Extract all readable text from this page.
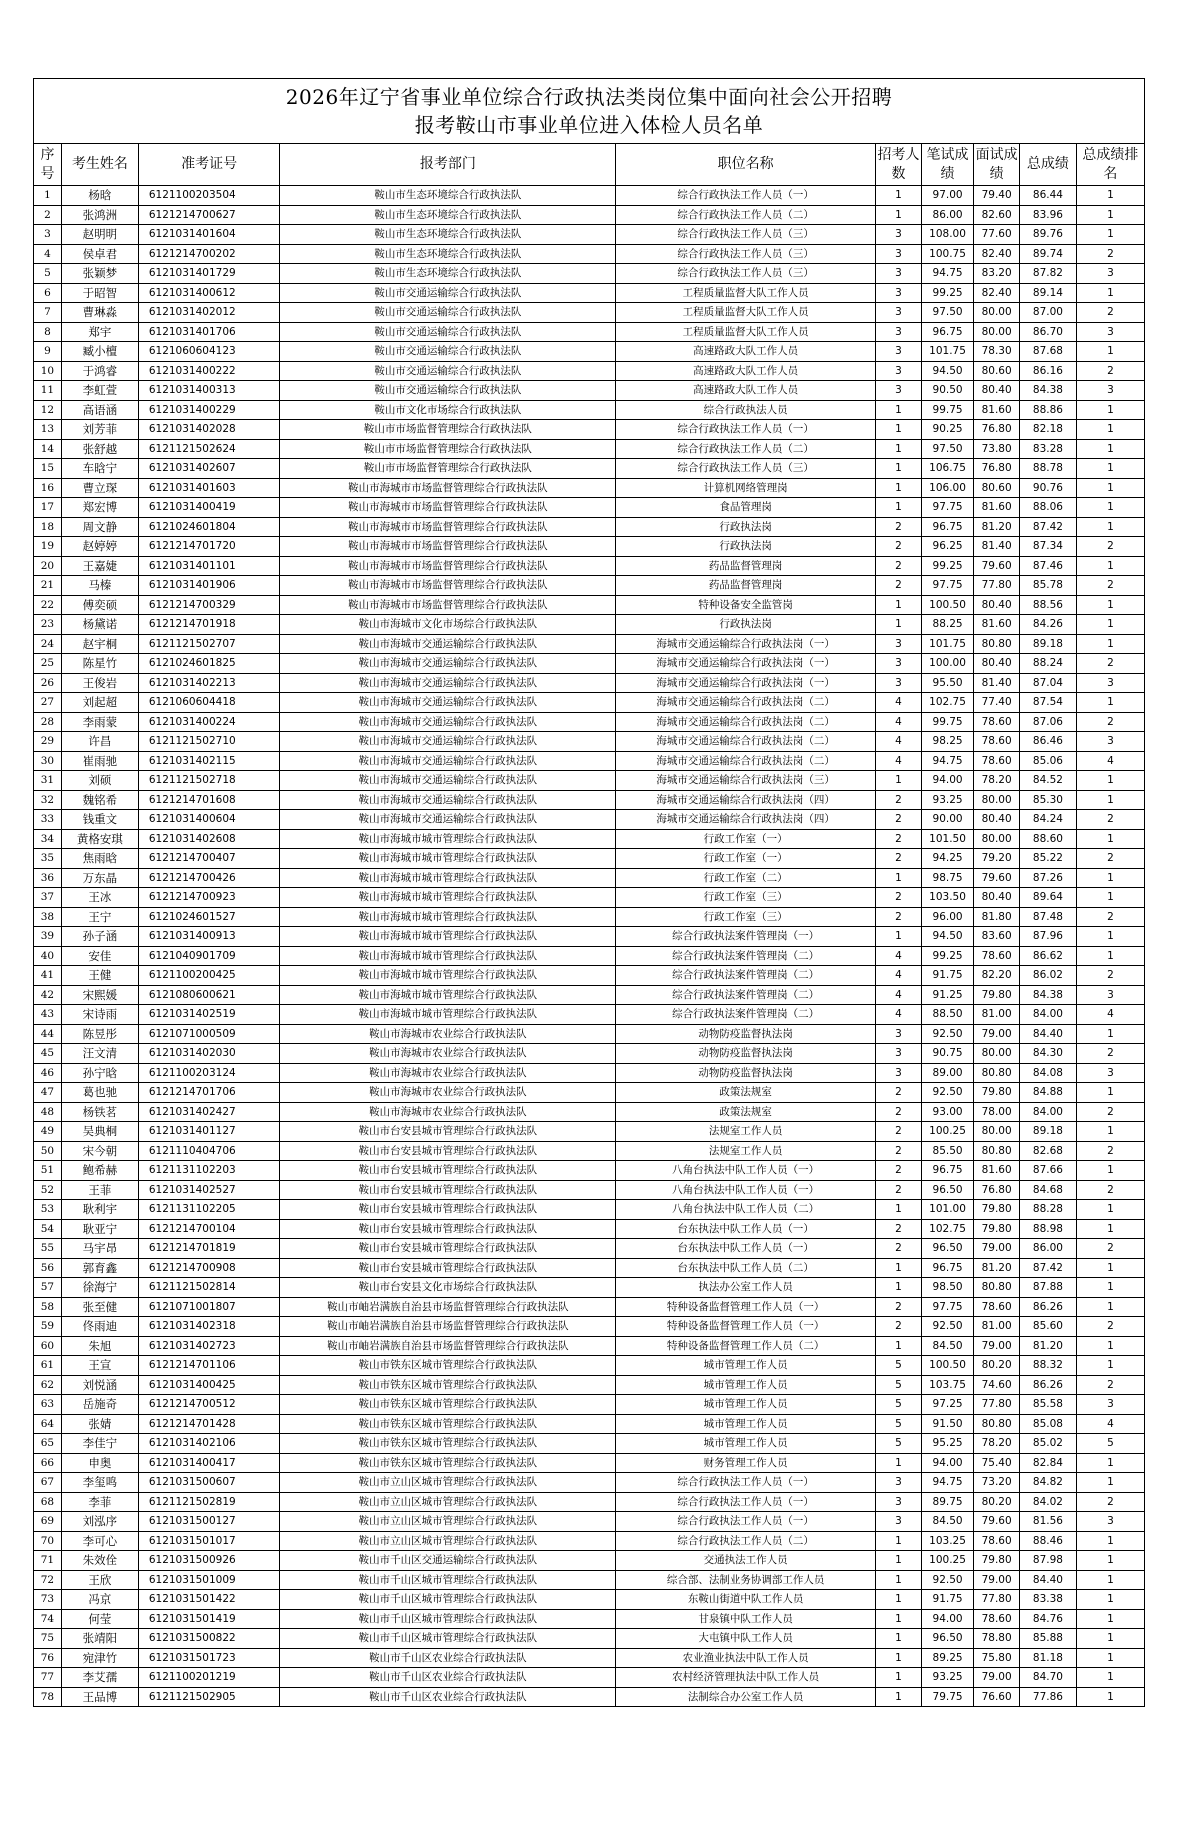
2026年辽宁省事业单位综合行政执法类岗位集中面向社会公开招聘
报考鞍山市事业单位进入体检人员名单
序号	考生姓名	准考证号	报考部门	职位名称	招考人数	笔试成绩	面试成绩	总成绩	总成绩排名
1	杨晗	6121100203504	鞍山市生态环境综合行政执法队	综合行政执法工作人员（一）	1	97.00	79.40	86.44	1
2	张鸿洲	6121214700627	鞍山市生态环境综合行政执法队	综合行政执法工作人员（二）	1	86.00	82.60	83.96	1
3	赵明明	6121031401604	鞍山市生态环境综合行政执法队	综合行政执法工作人员（三）	3	108.00	77.60	89.76	1
4	侯卓君	6121214700202	鞍山市生态环境综合行政执法队	综合行政执法工作人员（三）	3	100.75	82.40	89.74	2
5	张颖梦	6121031401729	鞍山市生态环境综合行政执法队	综合行政执法工作人员（三）	3	94.75	83.20	87.82	3
6	于昭智	6121031400612	鞍山市交通运输综合行政执法队	工程质量监督大队工作人员	3	99.25	82.40	89.14	1
7	曹琳淼	6121031402012	鞍山市交通运输综合行政执法队	工程质量监督大队工作人员	3	97.50	80.00	87.00	2
8	郑宇	6121031401706	鞍山市交通运输综合行政执法队	工程质量监督大队工作人员	3	96.75	80.00	86.70	3
9	臧小檀	6121060604123	鞍山市交通运输综合行政执法队	高速路政大队工作人员	3	101.75	78.30	87.68	1
10	于鸿睿	6121031400222	鞍山市交通运输综合行政执法队	高速路政大队工作人员	3	94.50	80.60	86.16	2
11	李虹萱	6121031400313	鞍山市交通运输综合行政执法队	高速路政大队工作人员	3	90.50	80.40	84.38	3
12	高语涵	6121031400229	鞍山市文化市场综合行政执法队	综合行政执法人员	1	99.75	81.60	88.86	1
13	刘芳菲	6121031402028	鞍山市市场监督管理综合行政执法队	综合行政执法工作人员（一）	1	90.25	76.80	82.18	1
14	张舒越	6121121502624	鞍山市市场监督管理综合行政执法队	综合行政执法工作人员（二）	1	97.50	73.80	83.28	1
15	车晗宁	6121031402607	鞍山市市场监督管理综合行政执法队	综合行政执法工作人员（三）	1	106.75	76.80	88.78	1
16	曹立琛	6121031401603	鞍山市海城市市场监督管理综合行政执法队	计算机网络管理岗	1	106.00	80.60	90.76	1
17	郑宏博	6121031400419	鞍山市海城市市场监督管理综合行政执法队	食品管理岗	1	97.75	81.60	88.06	1
18	周文静	6121024601804	鞍山市海城市市场监督管理综合行政执法队	行政执法岗	2	96.75	81.20	87.42	1
19	赵婷婷	6121214701720	鞍山市海城市市场监督管理综合行政执法队	行政执法岗	2	96.25	81.40	87.34	2
20	王嘉婕	6121031401101	鞍山市海城市市场监督管理综合行政执法队	药品监督管理岗	2	99.25	79.60	87.46	1
21	马榛	6121031401906	鞍山市海城市市场监督管理综合行政执法队	药品监督管理岗	2	97.75	77.80	85.78	2
22	傅奕硕	6121214700329	鞍山市海城市市场监督管理综合行政执法队	特种设备安全监管岗	1	100.50	80.40	88.56	1
23	杨黛诺	6121214701918	鞍山市海城市文化市场综合行政执法队	行政执法岗	1	88.25	81.60	84.26	1
24	赵宇桐	6121121502707	鞍山市海城市交通运输综合行政执法队	海城市交通运输综合行政执法岗（一）	3	101.75	80.80	89.18	1
25	陈星竹	6121024601825	鞍山市海城市交通运输综合行政执法队	海城市交通运输综合行政执法岗（一）	3	100.00	80.40	88.24	2
26	王俊岩	6121031402213	鞍山市海城市交通运输综合行政执法队	海城市交通运输综合行政执法岗（一）	3	95.50	81.40	87.04	3
27	刘起超	6121060604418	鞍山市海城市交通运输综合行政执法队	海城市交通运输综合行政执法岗（二）	4	102.75	77.40	87.54	1
28	李雨蒙	6121031400224	鞍山市海城市交通运输综合行政执法队	海城市交通运输综合行政执法岗（二）	4	99.75	78.60	87.06	2
29	许昌	6121121502710	鞍山市海城市交通运输综合行政执法队	海城市交通运输综合行政执法岗（二）	4	98.25	78.60	86.46	3
30	崔雨驰	6121031402115	鞍山市海城市交通运输综合行政执法队	海城市交通运输综合行政执法岗（二）	4	94.75	78.60	85.06	4
31	刘硕	6121121502718	鞍山市海城市交通运输综合行政执法队	海城市交通运输综合行政执法岗（三）	1	94.00	78.20	84.52	1
32	魏铭希	6121214701608	鞍山市海城市交通运输综合行政执法队	海城市交通运输综合行政执法岗（四）	2	93.25	80.00	85.30	1
33	钱重文	6121031400604	鞍山市海城市交通运输综合行政执法队	海城市交通运输综合行政执法岗（四）	2	90.00	80.40	84.24	2
34	黄格安琪	6121031402608	鞍山市海城市城市管理综合行政执法队	行政工作室（一）	2	101.50	80.00	88.60	1
35	焦雨晗	6121214700407	鞍山市海城市城市管理综合行政执法队	行政工作室（一）	2	94.25	79.20	85.22	2
36	万东晶	6121214700426	鞍山市海城市城市管理综合行政执法队	行政工作室（二）	1	98.75	79.60	87.26	1
37	王冰	6121214700923	鞍山市海城市城市管理综合行政执法队	行政工作室（三）	2	103.50	80.40	89.64	1
38	王宁	6121024601527	鞍山市海城市城市管理综合行政执法队	行政工作室（三）	2	96.00	81.80	87.48	2
39	孙子涵	6121031400913	鞍山市海城市城市管理综合行政执法队	综合行政执法案件管理岗（一）	1	94.50	83.60	87.96	1
40	安佳	6121040901709	鞍山市海城市城市管理综合行政执法队	综合行政执法案件管理岗（二）	4	99.25	78.60	86.62	1
41	王健	6121100200425	鞍山市海城市城市管理综合行政执法队	综合行政执法案件管理岗（二）	4	91.75	82.20	86.02	2
42	宋熙媛	6121080600621	鞍山市海城市城市管理综合行政执法队	综合行政执法案件管理岗（二）	4	91.25	79.80	84.38	3
43	宋诗雨	6121031402519	鞍山市海城市城市管理综合行政执法队	综合行政执法案件管理岗（二）	4	88.50	81.00	84.00	4
44	陈昱彤	6121071000509	鞍山市海城市农业综合行政执法队	动物防疫监督执法岗	3	92.50	79.00	84.40	1
45	汪文清	6121031402030	鞍山市海城市农业综合行政执法队	动物防疫监督执法岗	3	90.75	80.00	84.30	2
46	孙宁晗	6121100203124	鞍山市海城市农业综合行政执法队	动物防疫监督执法岗	3	89.00	80.80	84.08	3
47	葛也驰	6121214701706	鞍山市海城市农业综合行政执法队	政策法规室	2	92.50	79.80	84.88	1
48	杨铁茗	6121031402427	鞍山市海城市农业综合行政执法队	政策法规室	2	93.00	78.00	84.00	2
49	吴典桐	6121031401127	鞍山市台安县城市管理综合行政执法队	法规室工作人员	2	100.25	80.00	89.18	1
50	宋今朝	6121110404706	鞍山市台安县城市管理综合行政执法队	法规室工作人员	2	85.50	80.80	82.68	2
51	鲍希赫	6121131102203	鞍山市台安县城市管理综合行政执法队	八角台执法中队工作人员（一）	2	96.75	81.60	87.66	1
52	王菲	6121031402527	鞍山市台安县城市管理综合行政执法队	八角台执法中队工作人员（一）	2	96.50	76.80	84.68	2
53	耿利宇	6121131102205	鞍山市台安县城市管理综合行政执法队	八角台执法中队工作人员（二）	1	101.00	79.80	88.28	1
54	耿亚宁	6121214700104	鞍山市台安县城市管理综合行政执法队	台东执法中队工作人员（一）	2	102.75	79.80	88.98	1
55	马宇昂	6121214701819	鞍山市台安县城市管理综合行政执法队	台东执法中队工作人员（一）	2	96.50	79.00	86.00	2
56	郭育鑫	6121214700908	鞍山市台安县城市管理综合行政执法队	台东执法中队工作人员（二）	1	96.75	81.20	87.42	1
57	徐海宁	6121121502814	鞍山市台安县文化市场综合行政执法队	执法办公室工作人员	1	98.50	80.80	87.88	1
58	张至健	6121071001807	鞍山市岫岩满族自治县市场监督管理综合行政执法队	特种设备监督管理工作人员（一）	2	97.75	78.60	86.26	1
59	佟雨迪	6121031402318	鞍山市岫岩满族自治县市场监督管理综合行政执法队	特种设备监督管理工作人员（一）	2	92.50	81.00	85.60	2
60	朱旭	6121031402723	鞍山市岫岩满族自治县市场监督管理综合行政执法队	特种设备监督管理工作人员（二）	1	84.50	79.00	81.20	1
61	王宣	6121214701106	鞍山市铁东区城市管理综合行政执法队	城市管理工作人员	5	100.50	80.20	88.32	1
62	刘悦涵	6121031400425	鞍山市铁东区城市管理综合行政执法队	城市管理工作人员	5	103.75	74.60	86.26	2
63	岳施奇	6121214700512	鞍山市铁东区城市管理综合行政执法队	城市管理工作人员	5	97.25	77.80	85.58	3
64	张婧	6121214701428	鞍山市铁东区城市管理综合行政执法队	城市管理工作人员	5	91.50	80.80	85.08	4
65	李佳宁	6121031402106	鞍山市铁东区城市管理综合行政执法队	城市管理工作人员	5	95.25	78.20	85.02	5
66	申奥	6121031400417	鞍山市铁东区城市管理综合行政执法队	财务管理工作人员	1	94.00	75.40	82.84	1
67	李玺鸣	6121031500607	鞍山市立山区城市管理综合行政执法队	综合行政执法工作人员（一）	3	94.75	73.20	84.82	1
68	李菲	6121121502819	鞍山市立山区城市管理综合行政执法队	综合行政执法工作人员（一）	3	89.75	80.20	84.02	2
69	刘泓序	6121031500127	鞍山市立山区城市管理综合行政执法队	综合行政执法工作人员（一）	3	84.50	79.60	81.56	3
70	李可心	6121031501017	鞍山市立山区城市管理综合行政执法队	综合行政执法工作人员（二）	1	103.25	78.60	88.46	1
71	朱效佺	6121031500926	鞍山市千山区交通运输综合行政执法队	交通执法工作人员	1	100.25	79.80	87.98	1
72	王欣	6121031501009	鞍山市千山区城市管理综合行政执法队	综合部、法制业务协调部工作人员	1	92.50	79.00	84.40	1
73	冯京	6121031501422	鞍山市千山区城市管理综合行政执法队	东鞍山街道中队工作人员	1	91.75	77.80	83.38	1
74	何莹	6121031501419	鞍山市千山区城市管理综合行政执法队	甘泉镇中队工作人员	1	94.00	78.60	84.76	1
75	张靖阳	6121031500822	鞍山市千山区城市管理综合行政执法队	大屯镇中队工作人员	1	96.50	78.80	85.88	1
76	宛津竹	6121031501723	鞍山市千山区农业综合行政执法队	农业渔业执法中队工作人员	1	89.25	75.80	81.18	1
77	李艾孺	6121100201219	鞍山市千山区农业综合行政执法队	农村经济管理执法中队工作人员	1	93.25	79.00	84.70	1
78	王品博	6121121502905	鞍山市千山区农业综合行政执法队	法制综合办公室工作人员	1	79.75	76.60	77.86	1
